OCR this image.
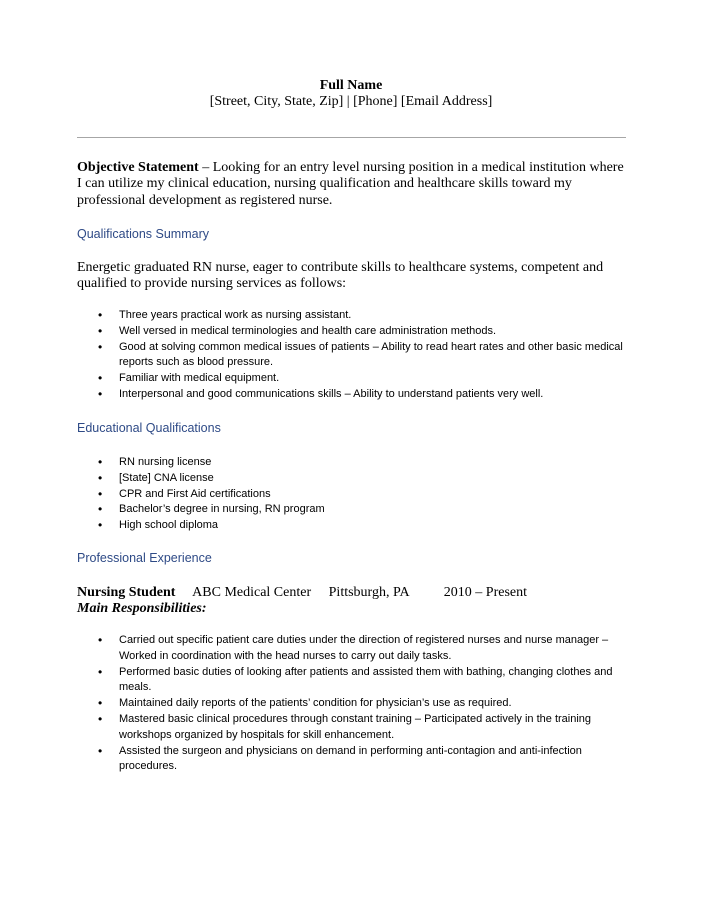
Full Name
[Street, City, State, Zip] | [Phone] [Email Address]
Objective Statement – Looking for an entry level nursing position in a medical institution where I can utilize my clinical education, nursing qualification and healthcare skills toward my professional development as registered nurse.
Qualifications Summary
Energetic graduated RN nurse, eager to contribute skills to healthcare systems, competent and qualified to provide nursing services as follows:
• Three years practical work as nursing assistant.
• Well versed in medical terminologies and health care administration methods.
• Good at solving common medical issues of patients – Ability to read heart rates and other basic medical reports such as blood pressure.
• Familiar with medical equipment.
• Interpersonal and good communications skills – Ability to understand patients very well.
Educational Qualifications
• RN nursing license
• [State] CNA license
• CPR and First Aid certifications
• Bachelor’s degree in nursing, RN program
• High school diploma
Professional Experience
Nursing Student ABC Medical Center Pittsburgh, PA	2010 – Present
Main Responsibilities:
• Carried out specific patient care duties under the direction of registered nurses and nurse manager – Worked in coordination with the head nurses to carry out daily tasks.
• Performed basic duties of looking after patients and assisted them with bathing, changing clothes and meals.
• Maintained daily reports of the patients’ condition for physician’s use as required.
• Mastered basic clinical procedures through constant training – Participated actively in the training workshops organized by hospitals for skill enhancement.
• Assisted the surgeon and physicians on demand in performing anti-contagion and anti-infection procedures.
